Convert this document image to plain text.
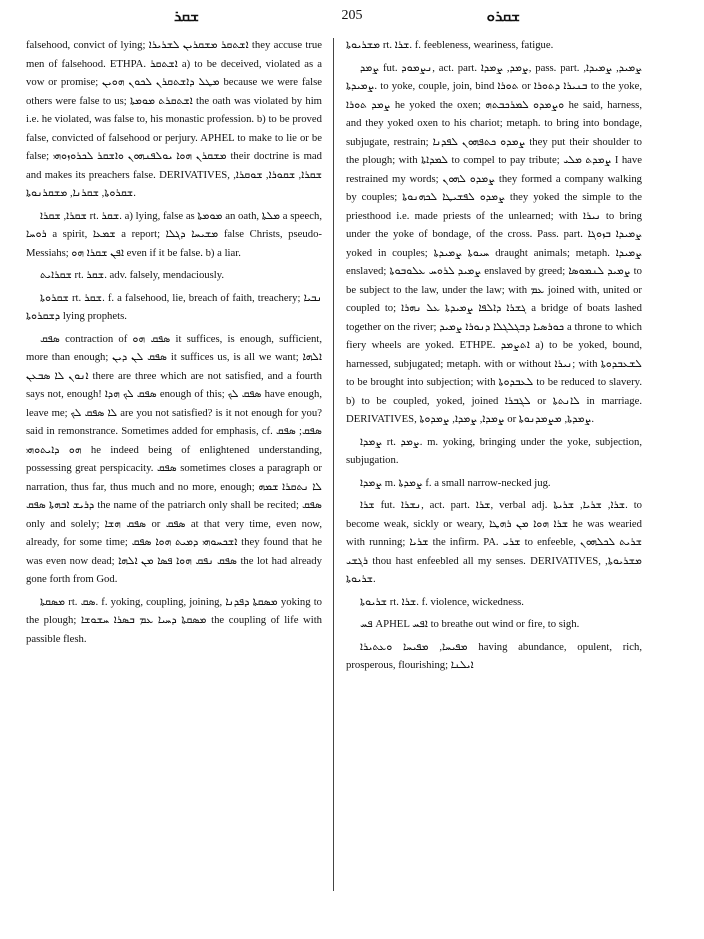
ܫܩܪ	205	ܫܩܪܘ

falsehood, convict of lying; ܐܫܬܩܪ ܡܫܩܪܝܢ ܠܫܪܝܪܐ they accuse true men of falsehood. ETHPA. ܐܫܬܩܪ a) to be deceived, violated as a vow or promise; ܡܛܠ ܕܐܫܬܩܪܢ ܠܟܘܢ ܗܘܝܢ because we were false others were false to us; ܐܫܬܩܪܬ ܡܘܡܬܐ the oath was violated by him i.e. he violated, was false to, his monastic profession. b) to be proved false, convicted of falsehood or perjury. APHEL to make to lie or be false; ܡܫܩܪܢ ܗܘܐ ܝܘܠܦܢܗܘܢ ܘܐܫܩܪ ܠܟܪܘܙܘܗܝ their doctrine is mad and makes its preachers false. DERIVATIVES, ܫܩܪܐ, ܫܩܘܪܐ, ܫܘܩܪܐ, ܫܩܪܘܬܐ, ܫܩܪܢܐ, ܡܫܩܪܢܘܬܐ.

ܫܩܪܐ, ܫܩܪܐ rt. ܫܩܪ. a) lying, false as ܡܘܡܬܐ an oath, ܡܠܬܐ a speech, ܪܘܚܐ a spirit, ܫܡܥܐ a report; ܡܫܝܚܐ ܕܓܠܐ false Christs, pseudo-Messiahs; ܐܦܢ ܫܩܪܐ ܗܘ even if it be false. b) a liar.

ܫܩܪܐܝܬ rt. ܫܩܪ. adv. falsely, mendaciously.

ܫܩܪܘܬܐ rt. ܫܩܪ. f. a falsehood, lie, breach of faith, treachery; ܢܒܝܐ ܕܫܩܪܘܬܐ lying prophets.

ܣܦܩ contraction of ܣܦܩ ܗܘ it suffices, is enough, sufficient, more than enough; ܣܦܩ ܠܢ ܕܝܢ it suffices us, is all we want; ܐܠܗܐ ܐܢܘܢ ܠܐ ܣܒܥܢ there are three which are not satisfied, and a fourth says not, enough! ܣܦܩ ܠܟ ܗܕܐ enough of this; ܣܦܩ ܠܟ have enough, leave me; ܠܐ ܣܦܩ ܠܟ are you not satisfied? is it not enough for you? said in remonstrance. Sometimes added for emphasis, cf. ܣܦܩ; ܣܦܩ ܗܘ ܕܐܝܬܘܗܝ he indeed being of enlightened understanding, possessing great perspicacity. ܣܦܩ sometimes closes a paragraph or narration, thus far, thus much and no more, enough; ܠܐ ܢܬܩܪܐ ܫܡܗ ܕܪܝܫ ܐܒܗܬܐ ܣܦܩ the name of the patriarch only shall be recited; ܣܦܩ only and solely; ܣܦܩ ܗܫܐ or ܣܦܩ at that very time, even now, already, for some time; ܐܫܟܚܘܗܝ ܕܡܝܬ ܗܘܐ ܣܦܩ they found that he was even now dead; ܣܦܩ ܢܦܩ ܗܘܐ ܦܣܐ ܡܢ ܐܠܗܐ the lot had already gone forth from God.

ܡܣܩܬܐ rt. ܣܩ. f. yoking, coupling, joining, ܡܣܩܬܐ ܕܦܕܢܐ yoking to the plough; ܡܣܩܬܐ ܕܚܝܐ ܥܡ ܒܣܪܐ ܚܫܘܫܐ the coupling of life with passible flesh.

ܡܫܪܝܘܬܐ rt. ܫܪܐ. f. feebleness, weariness, fatigue.

ܨܡܕ fut. ܢܨܡܘܕ, act. part. ܨܡܕ, ܨܡܕܐ, pass. part. ܨܡܝܕ, ܨܡܝܕܐ, ܨܡܝܕܬܐ. to yoke, couple, join, bind ܬܘܪܐ or ܒܢܝܪܐ ܕܬܘܪܐ to the yoke, ܨܡܕ ܬܘܪܐ he yoked the oxen; ܘܨܡܕܘ ܠܡܪܟܒܬܗ he said, harness, and they yoked oxen to his chariot; metaph. to bring into bondage, subjugate, restrain; ܨܡܕܘ ܟܬܦܗܘܢ ܠܦܕܢܐ they put their shoulder to the plough; with ܠܡܕܐܬܐ to compel to pay tribute; ܨܡܕܬ ܡܠܝ I have restrained my words; ܨܡܕܘ ܠܗܘܢ they formed a company walking by couples; ܨܡܕܘ ܠܦܫܝܛܐ ܠܟܗܢܘܬܐ they yoked the simple to the priesthood i.e. made priests of the unlearned; with ܢܝܪܐ to bring under the yoke of bondage, of the cross. Pass. part. ܨܡܝܕܐ ܒܙܘܓܐ yoked in couples; ܚܝܘܬܐ ܨܡܝܕܬܐ draught animals; metaph. ܨܡܝܕܐ enslaved; ܨܡܝܕ ܠܪܘܚ ܥܠܘܒܘܬܐ enslaved by greed; ܨܡܝܕ ܠܢܡܘܣܐ to be subject to the law, under the law; with ܥܡ joined with, united or coupled to; ܓܫܪܐ ܕܐܠܦܐ ܨܡܝܕܬܐ ܥܠ ܢܗܪܐ a bridge of boats lashed together on the river; ܟܘܪܣܝܐ ܕܒܓܠܓܠܐ ܕܢܘܪܐ ܨܡܝܕ a throne to which fiery wheels are yoked. ETHPE. ܐܬܨܡܕ a) to be yoked, bound, harnessed, subjugated; metaph. with or without ܢܝܪܐ; with ܠܫܥܒܕܘܬܐ to be brought into subjection; with ܠܥܒܕܘܬܐ to be reduced to slavery. b) to be coupled, yoked, joined ܠܓܒܪܐ or ܠܐܢܬܬܐ in marriage. DERIVATIVES, ܨܡܕܐ, ܨܡܕܐ, ܨܡܕܘܬܐ or ܨܡܕܬܐ, ܡܨܡܕܢܘܬܐ.

ܨܡܕܐ rt. ܨܡܕ. m. yoking, bringing under the yoke, subjection, subjugation.

ܨܡܕܐ m. ܨܡܕܬܐ f. a small narrow-necked jug.

ܫܪܐ fut. ܢܫܪܐ, act. part. ܫܪܐ, verbal adj. ܫܪܐ, ܫܪܝܐ, ܫܪܝܬܐ. to become weak, sickly or weary, ܫܪܐ ܗܘܐ ܡܢ ܪܗܛܐ he was wearied with running; ܫܪܝܐ the infirm. PA. ܫܪܝ to enfeeble, ܫܪܝܬ ܠܟܠܗܘܢ ܪܓܫܝ thou hast enfeebled all my senses. DERIVATIVES, ܡܫܪܝܘܬܐ, ܫܪܝܘܬܐ.

ܫܪܝܘܬܐ rt. ܫܪܐ. f. violence, wickedness.

ܦܚ APHEL ܐܦܚ to breathe out wind or fire, to sigh.

ܡܦܝܚܐ, ܡܦܝܚܐ ܘܥܬܝܪܐ having abundance, opulent, rich, prosperous, flourishing; ܐܝܠܢܐ
